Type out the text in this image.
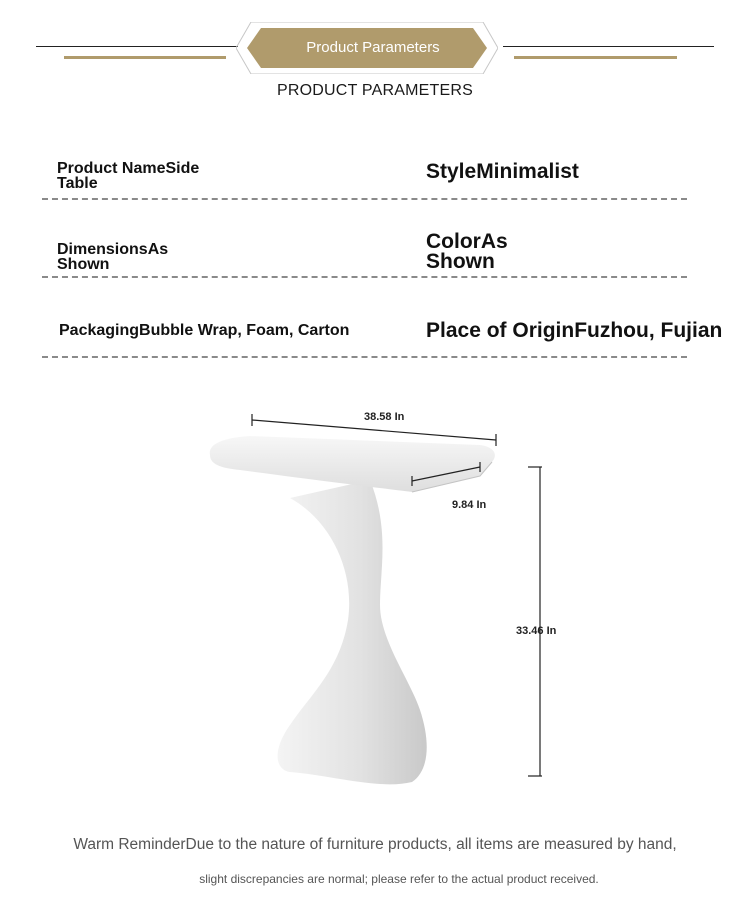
Product Parameters
PRODUCT PARAMETERS
Product NameSide Table
StyleMinimalist
DimensionsAs Shown
ColorAs Shown
PackagingBubble Wrap, Foam, Carton	Place of OriginFuzhou, Fujian
38.58 In
9.84 In
33.46 In
Warm ReminderDue to the nature of furniture products, all items are measured by hand,
slight discrepancies are normal; please refer to the actual product received.
